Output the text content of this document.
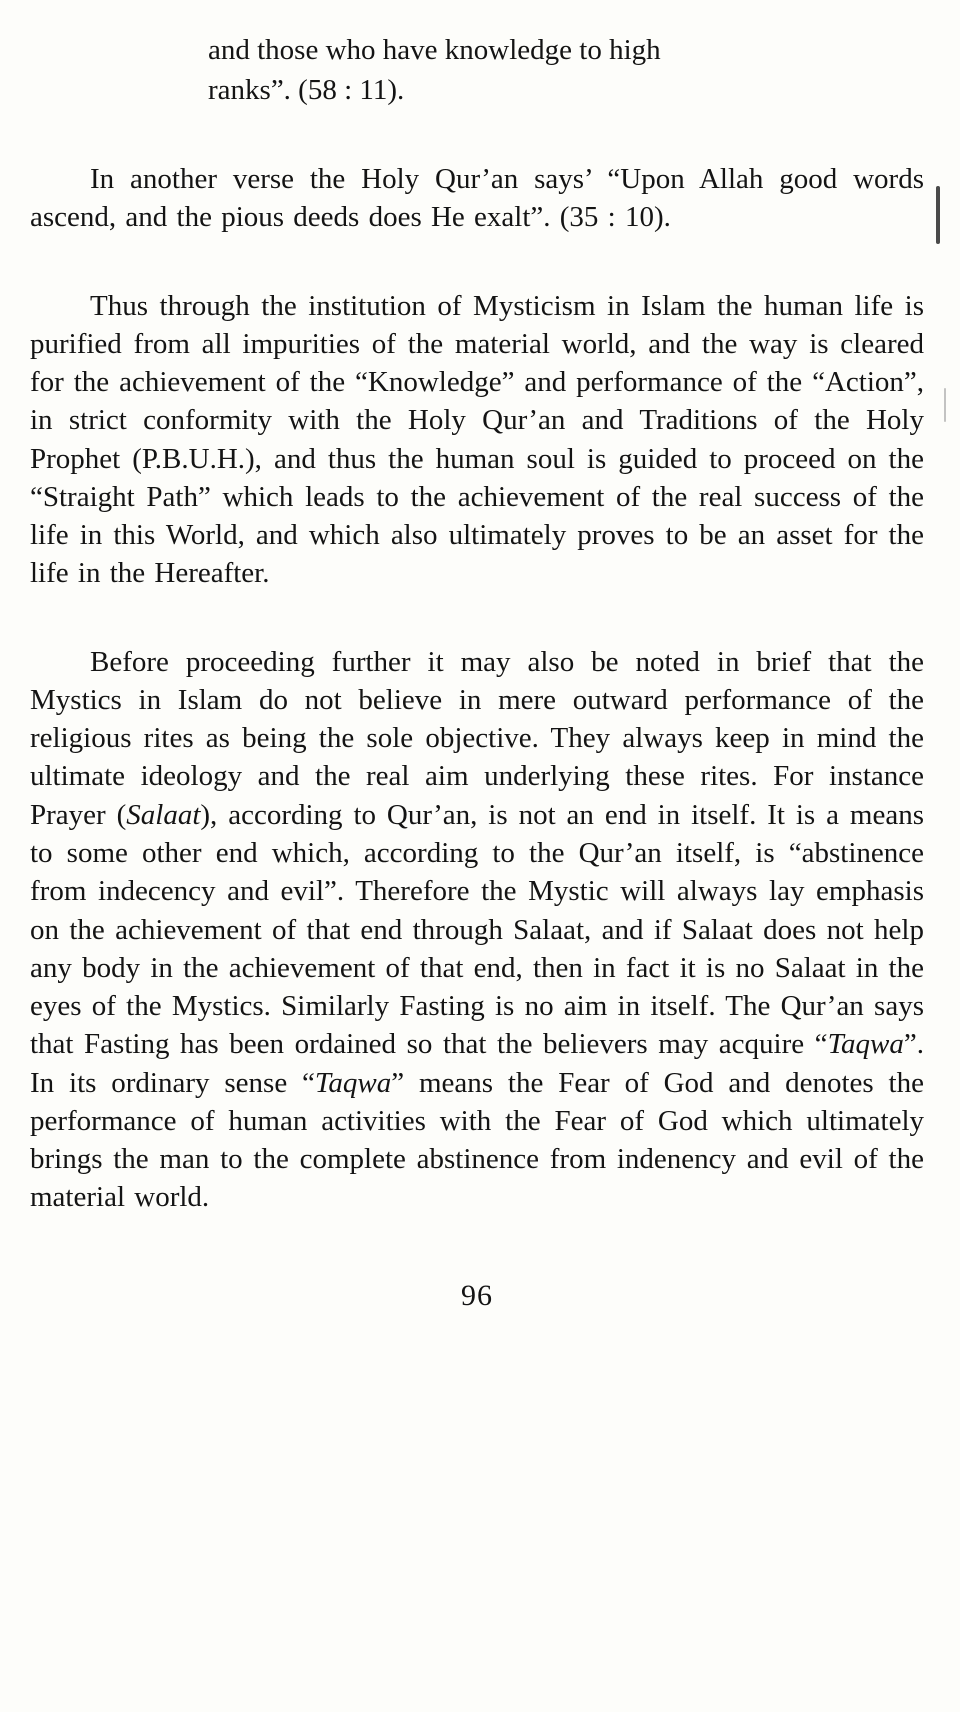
and those who have knowledge to high
ranks”. (58 : 11).

In another verse the Holy Qur’an says’ “Upon Allah good words ascend, and the pious deeds does He exalt”. (35 : 10).

Thus through the institution of Mysticism in Islam the human life is purified from all impurities of the material world, and the way is cleared for the achievement of the “Knowledge” and performance of the “Action”, in strict conformity with the Holy Qur’an and Traditions of the Holy Prophet (P.B.U.H.), and thus the human soul is guided to proceed on the “Straight Path” which leads to the achievement of the real success of the life in this World, and which also ultimately proves to be an asset for the life in the Hereafter.

Before proceeding further it may also be noted in brief that the Mystics in Islam do not believe in mere outward performance of the religious rites as being the sole objective. They always keep in mind the ultimate ideology and the real aim underlying these rites. For instance Prayer (Salaat), according to Qur’an, is not an end in itself. It is a means to some other end which, according to the Qur’an itself, is “abstinence from indecency and evil”. Therefore the Mystic will always lay emphasis on the achievement of that end through Salaat, and if Salaat does not help any body in the achievement of that end, then in fact it is no Salaat in the eyes of the Mystics. Similarly Fasting is no aim in itself. The Qur’an says that Fasting has been ordained so that the believers may acquire “Taqwa”. In its ordinary sense “Taqwa” means the Fear of God and denotes the performance of human activities with the Fear of God which ultimately brings the man to the complete abstinence from indenency and evil of the material world.

96
